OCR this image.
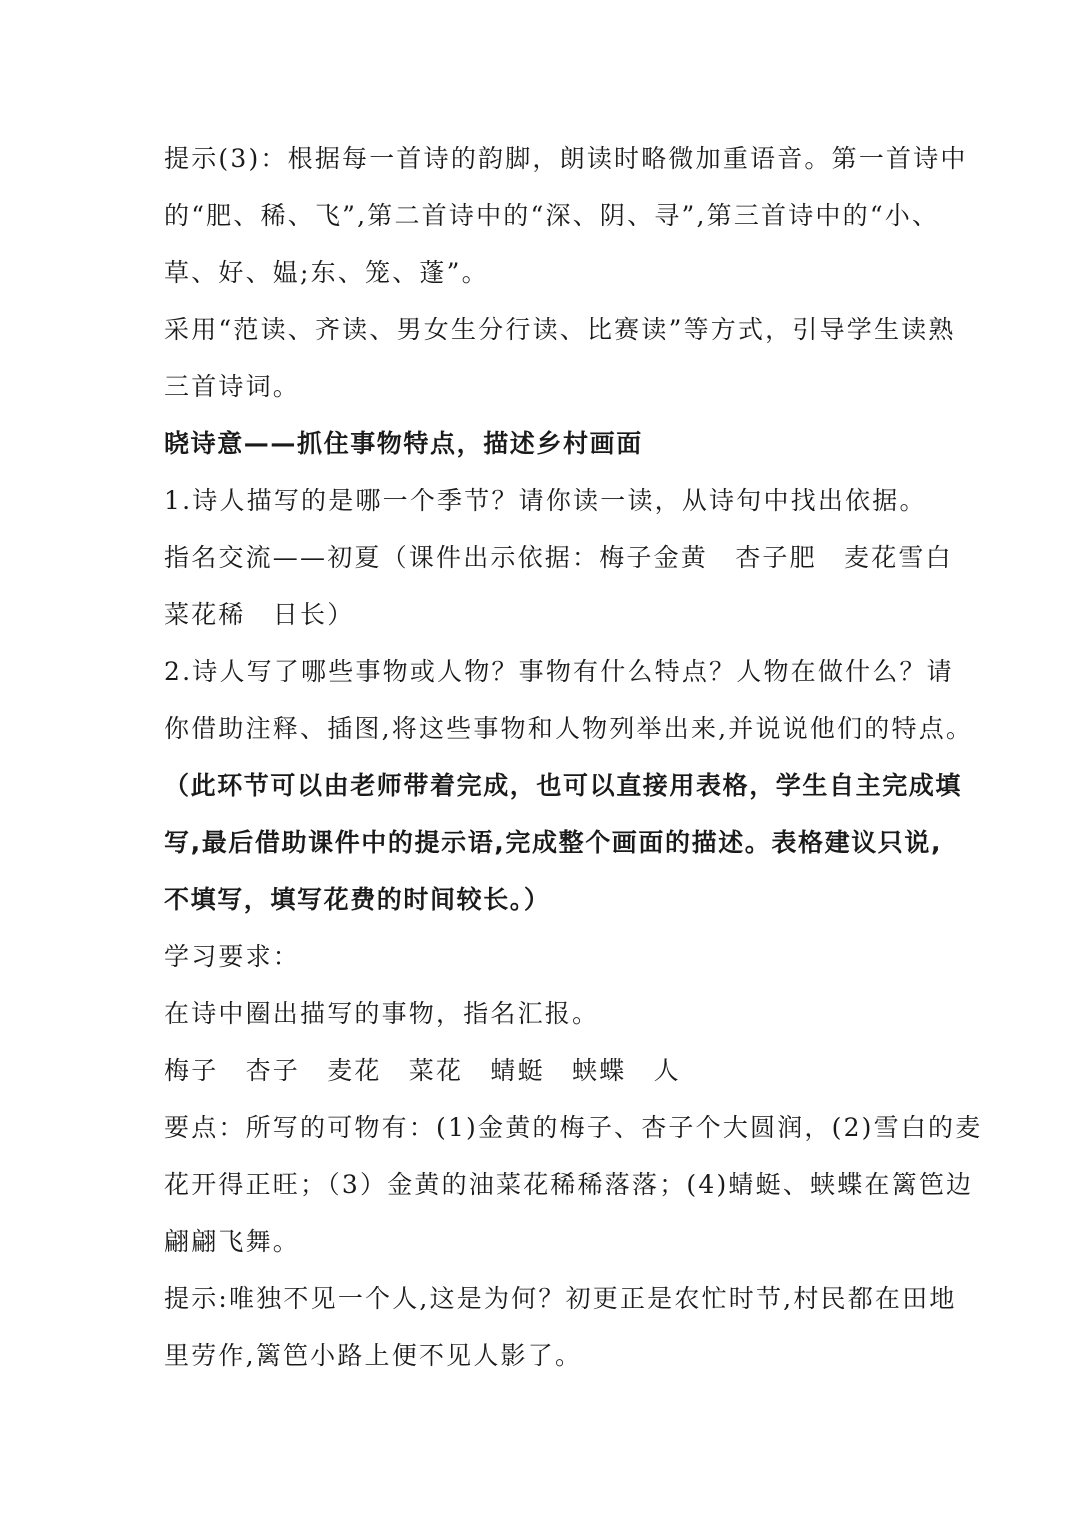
提示(3)：根据每一首诗的韵脚，朗读时略微加重语音。第一首诗中
的“肥、稀、飞”,第二首诗中的“深、阴、寻”,第三首诗中的“小、
草、好、媪;东、笼、蓬”。
采用“范读、齐读、男女生分行读、比赛读”等方式，引导学生读熟
三首诗词。
晓诗意——抓住事物特点，描述乡村画面
1.诗人描写的是哪一个季节？请你读一读，从诗句中找出依据。
指名交流——初夏（课件出示依据：梅子金黄　杏子肥　麦花雪白
菜花稀　日长）
2.诗人写了哪些事物或人物？事物有什么特点？人物在做什么？请
你借助注释、插图,将这些事物和人物列举出来,并说说他们的特点。
（此环节可以由老师带着完成，也可以直接用表格，学生自主完成填
写,最后借助课件中的提示语,完成整个画面的描述。表格建议只说,
不填写，填写花费的时间较长。）
学习要求：
在诗中圈出描写的事物，指名汇报。
梅子　杏子　麦花　菜花　蜻蜓　蛱蝶　人
要点：所写的可物有：(1)金黄的梅子、杏子个大圆润，(2)雪白的麦
花开得正旺；（3）金黄的油菜花稀稀落落；(4)蜻蜓、蛱蝶在篱笆边
翩翩飞舞。
提示:唯独不见一个人,这是为何？初更正是农忙时节,村民都在田地
里劳作,篱笆小路上便不见人影了。
